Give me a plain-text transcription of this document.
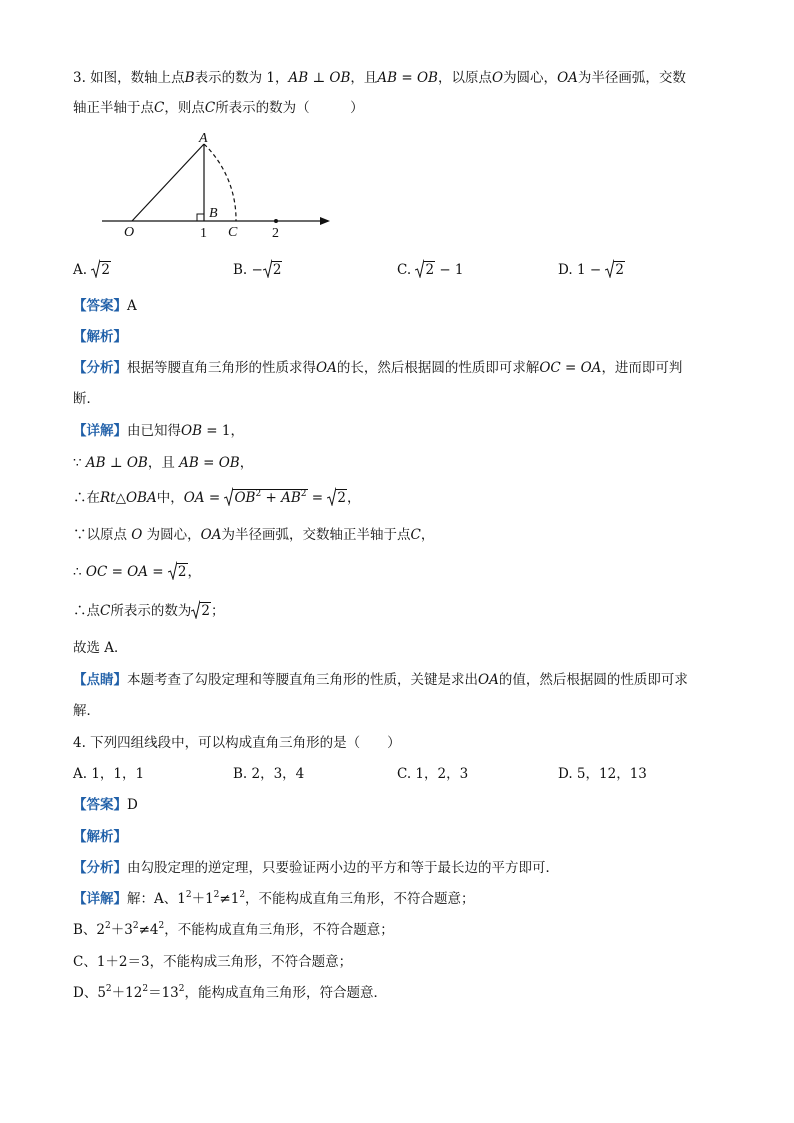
3. 如图，数轴上点B表示的数为 1，AB ⊥ OB，且AB = OB，以原点O为圆心，OA为半径画弧，交数
轴正半轴于点C，则点C所表示的数为（　　　）
A
B
O	1 C 2
A. 2	B. − 2	C. 2 − 1	D. 1 −
2
【答案】A
【解析】
【分析】根据等腰直角三角形的性质求得OA的长，然后根据圆的性质即可求解OC = OA，进而即可判
断．
【详解】由已知得OB = 1，
∵ AB ⊥ OB，且 AB = OB，
∴在Rt△OBA中，OA =
$OB^2 + AB^2$ =
2，
∵以原点 O 为圆心，OA为半径画弧，交数轴正半轴于点C，
∴ OC = OA =
2，
∴点C所表示的数为 2；
故选 A．
【点睛】本题考查了勾股定理和等腰直角三角形的性质，关键是求出OA的值，然后根据圆的性质即可求
解．
4. 下列四组线段中，可以构成直角三角形的是（　　）
A. 1，1，1	B. 2，3，4	C. 1，2，3	D. 5，12，13
【答案】D
【解析】
【分析】由勾股定理的逆定理，只要验证两小边的平方和等于最长边的平方即可．
【详解】解：A、$1^2+1^2\ne 1^2$，不能构成直角三角形，不符合题意；
B、$2^2+3^2\ne 4^2$，不能构成直角三角形，不符合题意；
C、1＋2＝3，不能构成三角形，不符合题意；
D、$5^2+12^2=13^2$，能构成直角三角形，符合题意．
